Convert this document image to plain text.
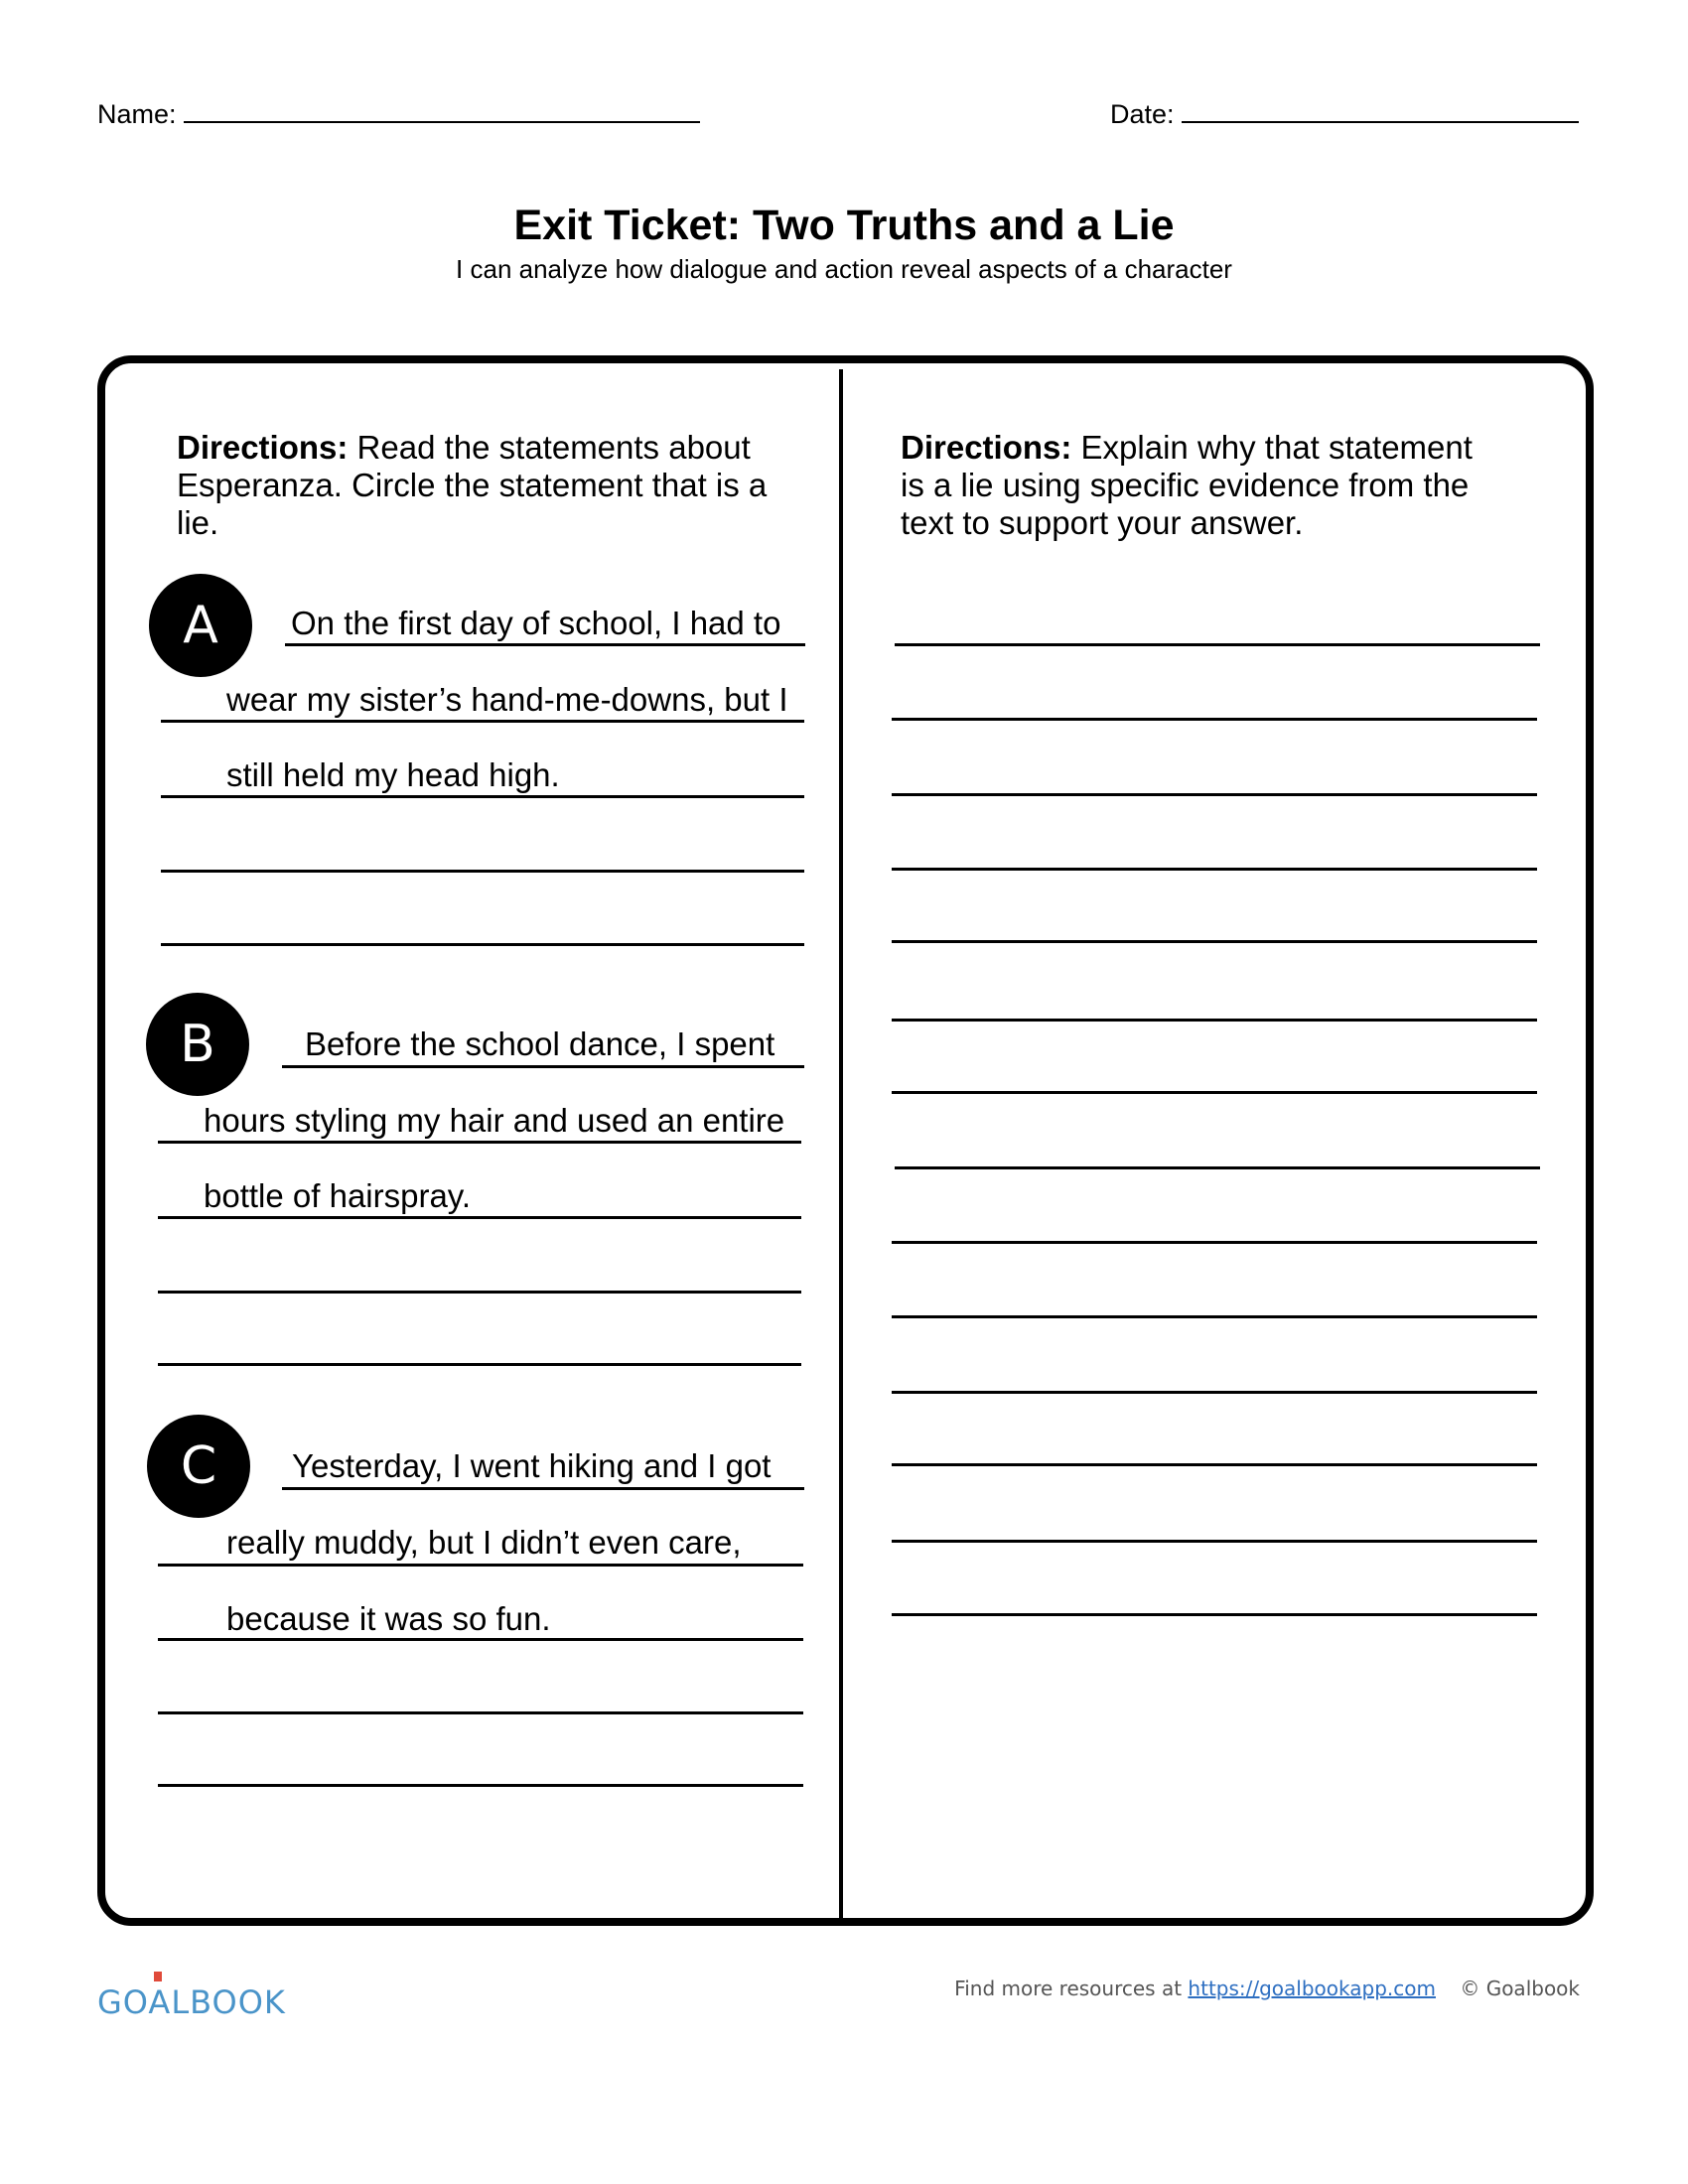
Name:	Date:
Exit Ticket: Two Truths and a Lie
I can analyze how dialogue and action reveal aspects of a character
Directions: Read the statements about Esperanza. Circle the statement that is a lie.
A On the first day of school, I had to
wear my sister’s hand-me-downs, but I
still held my head high.
B	Before the school dance, I spent
hours styling my hair and used an entire
bottle of hairspray.
C Yesterday, I went hiking and I got
really muddy, but I didn’t even care,
because it was so fun.
Directions: Explain why that statement is a lie using specific evidence from the text to support your answer.
GOALBOOK	Find more resources at https://goalbookapp.com © Goalbook
